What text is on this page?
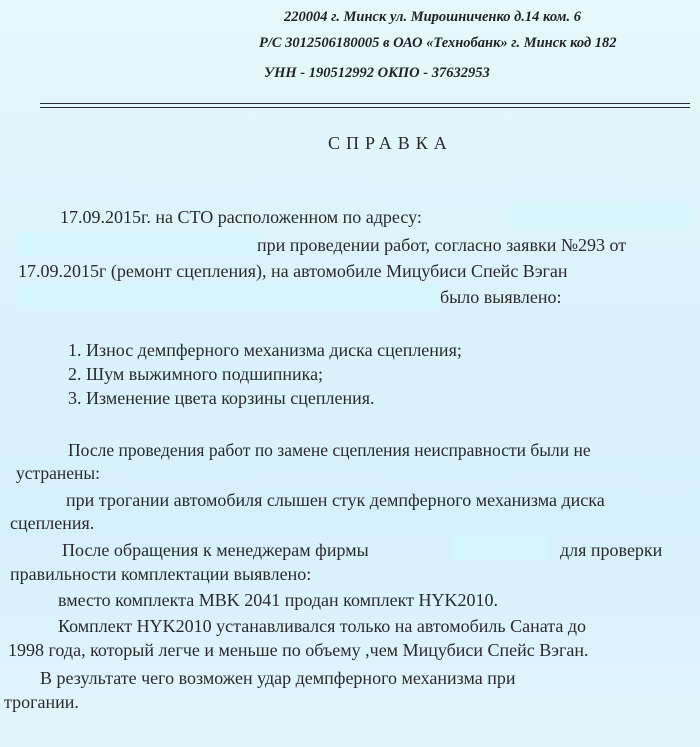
220004 г. Минск ул. Мирошниченко д.14 ком. 6
Р/С 3012506180005 в ОАО «Технобанк» г. Минск код 182
УНН - 190512992 ОКПО - 37632953
СПРАВКА
17.09.2015г. на СТО расположенном по адресу:
при проведении работ, согласно заявки №293 от
17.09.2015г (ремонт сцепления), на автомобиле Мицубиси Спейс Вэган
было выявлено:
1. Износ демпферного механизма диска сцепления;
2. Шум выжимного подшипника;
3. Изменение цвета корзины сцепления.
После проведения работ по замене сцепления неисправности были не
устранены:
при трогании автомобиля слышен стук демпферного механизма диска
сцепления.
После обращения к менеджерам фирмы	для проверки
правильности комплектации выявлено:
вместо комплекта MBK 2041 продан комплект HYK2010.
Комплект HYK2010 устанавливался только на автомобиль Саната до
1998 года, который легче и меньше по объему ,чем Мицубиси Спейс Вэган.
В результате чего возможен удар демпферного механизма при
трогании.
